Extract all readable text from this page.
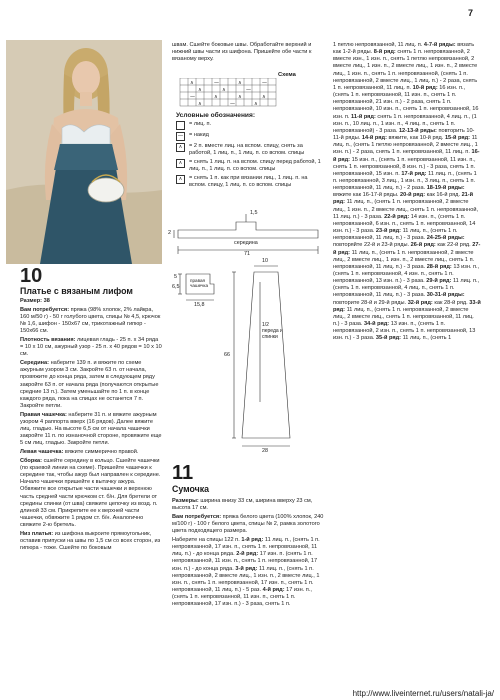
7

швам. Сшейте боковые швы. Обработайте верхний и нижний швы части из шифона. Пришейте обе части к вязаному верху.

Схема
∧	—	∧	—
∧	∧	—
—	∧	∧	∧
∧	—	∧
Условные обозначения:
= лиц. п.
—	= накид
∧	= 2 п. вместе лиц. на вспом. спицу, снять за работой, 1 лиц. п., 1 лиц. п. со вспом. спицы
∧	= снять 1 лиц. п. на вспом. спицу перед работой, 1 лиц. п., 1 лиц. п. со вспом. спицы
∧	= снять 1 п. как при вязании лиц., 1 лиц. п. на вспом. спицу, 1 лиц. п. со вспом. спицы
1,5
середина
2
71
5
6,5
15,8
10
правая чашечка
66
1/2 переда и спинки
28
10
Платье с вязаным лифом

Размер: 38

Вам потребуется: пряжа (98% хлопок, 2% лайкра, 160 м/50 г) - 50 г голубого цвета, спицы № 4,5, крючок № 1,6, шифон - 150х67 см, трикотажный гипюр - 150х66 см.

Плотность вязания: лицевая гладь - 25 п. х 34 ряда = 10 х 10 см, ажурный узор - 25 п. х 40 рядов = 10 х 10 см.

Середина: наберите 139 п. и вяжите по схеме ажурным узором 3 см. Закройте 63 п. от начала, провяжите до конца ряда, затем в следующем ряду закройте 63 п. от начала ряда (получаются открытые средние 13 п.). Затем уменьшайте по 1 п. в конце каждого ряда, пока на спицах не останется 7 п. Закройте петли.

Правая чашечка: наберите 31 п. и вяжите ажурным узором 4 раппорта вверх (16 рядов). Далее вяжите лиц. гладью. На высоте 6,5 см от начала чашечки закройте 11 п. по изнаночной стороне, провяжите еще 5 см лиц. гладью. Закройте петли.

Левая чашечка: вяжите симмерично правой.

Сборка: сшейте середину в кольцо. Сшейте чашечки (по краевой линии на схеме). Пришейте чашечки к середине так, чтобы ажур был направлен к середине. Начало чашечки пришейте к вытачку ажура. Обвяжите все открытые части чашечки и верхнюю часть средней части крючком ст. б/н. Для бретели от средины спинки (от шва) свяжите цепочку из возд. п. длиной 33 см. Прикрепите ее к верхней части чашечки, обвяжите 1 рядом ст. б/н. Аналогично свяжите 2-ю бретель.

Низ платья: из шифона выкроите прямоугольник, оставив припуски на швы по 1,5 см со всех сторон, из гипюра - тоже. Сшейте по боковым

11
Сумочка

Размеры: ширина внизу 33 см, ширина вверху 23 см, высота 17 см.

Вам потребуется: пряжа белого цвета (100% хлопок, 240 м/100 г) - 100 г белого цвета, спицы № 2, рамка золотого цвета подходящего размера.

Наберите на спицы 122 п. 1-й ряд: 11 лиц. п., (снять 1 п. непровязанной, 17 изн. п., снять 1 п. непровязанной, 11 лиц. п.) - до конца ряда. 2-й ряд: 17 изн. п. (снять 1 п. непровязанной, 11 изн. п., снять 1 п. непровязанной, 17 изн. п.) - до конца ряда. 3-й ряд: 11 лиц. п., (снять 1 п. непровязанной, 2 вместе лиц., 1 изн. п., 2 вместе лиц., 1 изн. п., снять 1 п. непровязанной, 17 изн. п., снять 1 п. непровязанной, 11 лиц. п.) - 5 раз. 4-й ряд: 17 изн. п., (снять 1 п. непровязанной, 11 изн. п., снять 1 п. непровязанной, 17 изн. п.) - 3 раза, снять 1 п.

1 петлю непровязанной, 11 лиц. п. 4-7-й ряды: вязать как 1-2-й ряды. 8-й ряд: снять 1 п. непровязанной, 2 вместе изн., 1 изн. п., снять 1 петлю непровязанной, 2 вместе лиц., 1 изн. п., 2 вместе лиц., 1 изн. п., 2 вместе лиц., 1 изн. п., снять 1 п. непровязанной, (снять 1 п. непровязанной, 2 вместе лиц., 1 лиц. п.) - 2 раза, снять 1 п. непровязанной, 11 лиц. п. 10-й ряд: 16 изн. п., (снять 1 п. непровязанной, 11 изн. п., снять 1 п. непровязанной, 21 изн. п.) - 2 раза, снять 1 п. непровязанной, 10 изн. п., снять 1 п. непровязанной, 16 изн. п. 11-й ряд: снять 1 п. непровязанной, 4 лиц. п., (1 изн. п., 10 лиц. п., 1 изн. п., 4 лиц. п., снять 1 п. непровязанной) - 3 раза. 12-13-й ряды: повторить 10-11-й ряды. 14-й ряд: вяжите, как 10-й ряд. 15-й ряд: 11 лиц. п., (снять 1 петлю непровязанной, 2 вместе лиц., 1 изн. п.) - 2 раза, снять 1 п. непровязанной, 11 лиц. п. 16-й ряд: 15 изн. п., (снять 1 п. непровязанной, 11 изн. п., снять 1 п. непровязанной, 8 изн. п.) - 3 раза, снять 1 п. непровязанной, 15 изн. п. 17-й ряд: 11 лиц. п., (снять 1 п. непровязанной, 3 лиц., 1 изн. п., 3 лиц. п., снять 1 п. непровязанной, 11 лиц. п.) - 2 раза. 18-19-й ряды: вяжите как 16-17-й ряды. 20-й ряд: как 16-й ряд. 21-й ряд: 11 лиц. п., (снять 1 п. непровязанной, 2 вместе лиц., 1 изн. п., 2 вместе лиц., снять 1 п. непровязанной, 11 лиц. п.) - 3 раза. 22-й ряд: 14 изн. п., (снять 1 п. непровязанной, 6 изн. п., снять 1 п. непровязанной, 14 изн. п.) - 3 раза. 23-й ряд: 11 лиц. п., (снять 1 п. непровязанной, 11 лиц. п.) - 3 раза. 24-25-й ряды: повторяйте 22-й и 23-й ряды. 26-й ряд: как 22-й ряд. 27-й ряд: 11 лиц. п., (снять 1 п. непровязанной, 2 вместе лиц., 2 вместе лиц., 1 изн. п., 2 вместе лиц., снять 1 п. непровязанной, 11 лиц. п.) - 3 раза. 28-й ряд: 13 изн. п., (снять 1 п. непровязанной, 4 изн. п., снять 1 п. непровязанной, 13 изн. п.) - 3 раза. 29-й ряд: 11 лиц. п., (снять 1 п. непровязанной, 4 лиц. п., снять 1 п. непровязанной, 11 лиц. п.) - 3 раза. 30-31-й ряды: повторите 28-й и 29-й ряды. 32-й ряд: как 28-й ряд. 33-й ряд: 11 лиц. п., (снять 1 п. непровязанной, 2 вместе лиц., 2 вместе лиц., снять 1 п. непровязанной, 11 лиц. п.) - 3 раза. 34-й ряд: 13 изн. п., (снять 1 п. непровязанной, 2 изн. п., снять 1 п. непровязанной, 13 изн. п.) - 3 раза. 35-й ряд: 11 лиц. п., (снять 1

http://www.liveinternet.ru/users/natali-ja/
